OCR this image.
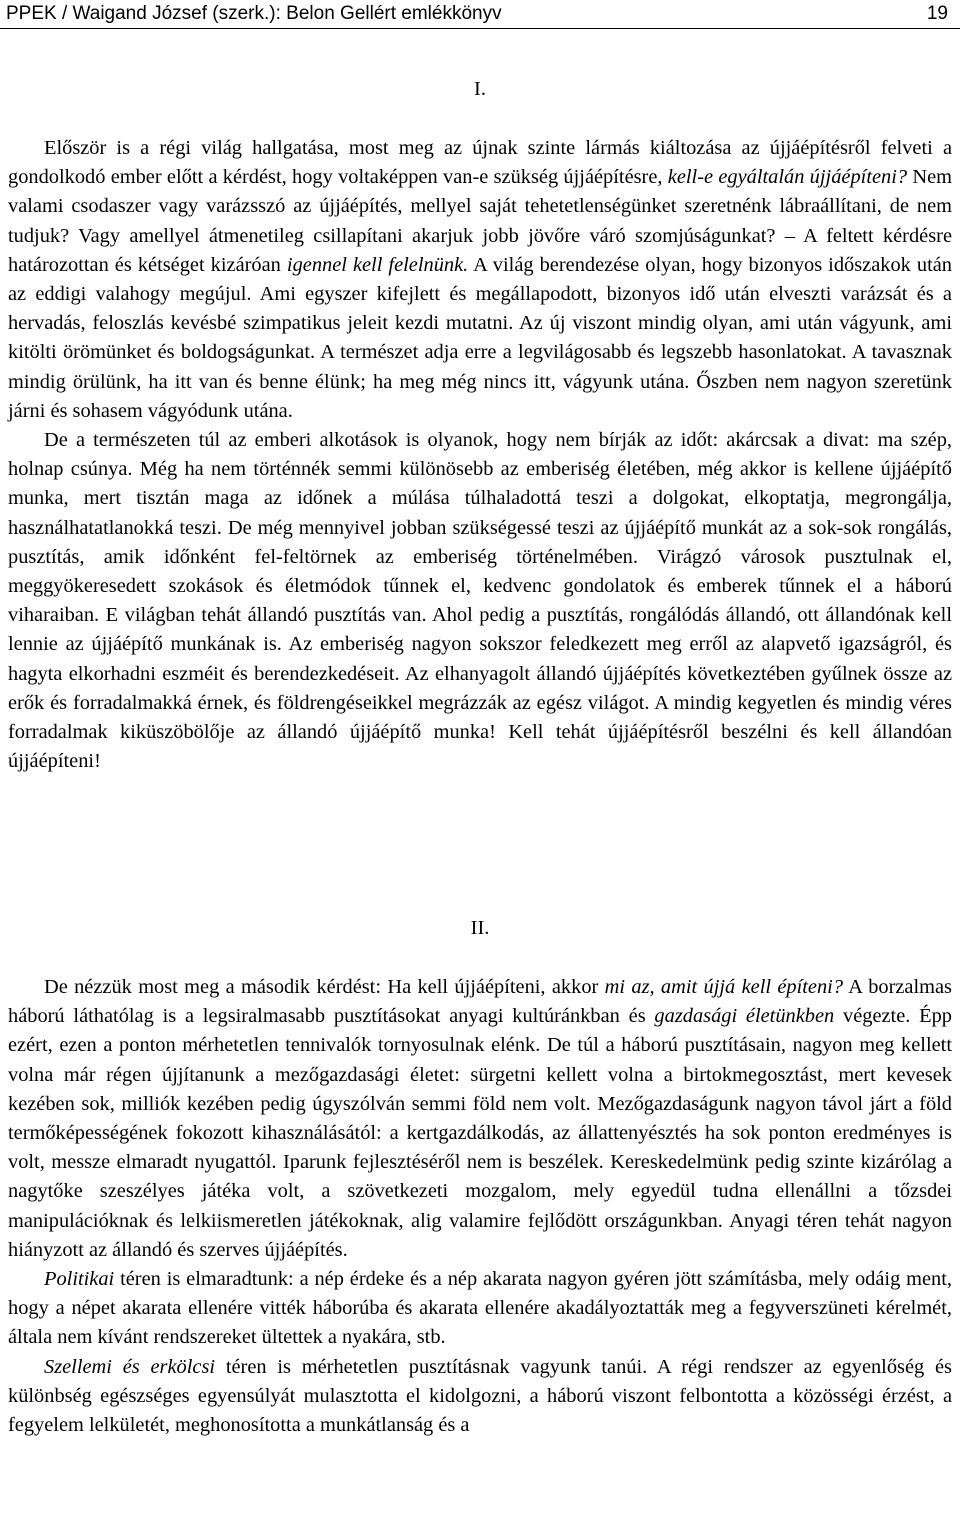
PPEK / Waigand József (szerk.): Belon Gellért emlékkönyv	19
I.
II.

Először is a régi világ hallgatása, most meg az újnak szinte lármás kiáltozása az újjáépítésről felveti a gondolkodó ember előtt a kérdést, hogy voltaképpen van-e szükség újjáépítésre, kell-e egyáltalán újjáépíteni? Nem valami csodaszer vagy varázsszó az újjáépítés, mellyel saját tehetetlenségünket szeretnénk lábraállítani, de nem tudjuk? Vagy amellyel átmenetileg csillapítani akarjuk jobb jövőre váró szomjúságunkat? – A feltett kérdésre határozottan és kétséget kizáróan igennel kell felelnünk. A világ berendezése olyan, hogy bizonyos időszakok után az eddigi valahogy megújul. Ami egyszer kifejlett és megállapodott, bizonyos idő után elveszti varázsát és a hervadás, feloszlás kevésbé szimpatikus jeleit kezdi mutatni. Az új viszont mindig olyan, ami után vágyunk, ami kitölti örömünket és boldogságunkat. A természet adja erre a legvilágosabb és legszebb hasonlatokat. A tavasznak mindig örülünk, ha itt van és benne élünk; ha meg még nincs itt, vágyunk utána. Őszben nem nagyon szeretünk járni és sohasem vágyódunk utána.

De a természeten túl az emberi alkotások is olyanok, hogy nem bírják az időt: akárcsak a divat: ma szép, holnap csúnya. Még ha nem történnék semmi különösebb az emberiség életében, még akkor is kellene újjáépítő munka, mert tisztán maga az időnek a múlása túlhaladottá teszi a dolgokat, elkoptatja, megrongálja, használhatatlanokká teszi. De még mennyivel jobban szükségessé teszi az újjáépítő munkát az a sok-sok rongálás, pusztítás, amik időnként fel-feltörnek az emberiség történelmében. Virágzó városok pusztulnak el, meggyökeresedett szokások és életmódok tűnnek el, kedvenc gondolatok és emberek tűnnek el a háború viharaiban. E világban tehát állandó pusztítás van. Ahol pedig a pusztítás, rongálódás állandó, ott állandónak kell lennie az újjáépítő munkának is. Az emberiség nagyon sokszor feledkezett meg erről az alapvető igazságról, és hagyta elkorhadni eszméit és berendezkedéseit. Az elhanyagolt állandó újjáépítés következtében gyűlnek össze az erők és forradalmakká érnek, és földrengéseikkel megrázzák az egész világot. A mindig kegyetlen és mindig véres forradalmak kiküszöbölője az állandó újjáépítő munka! Kell tehát újjáépítésről beszélni és kell állandóan újjáépíteni!

De nézzük most meg a második kérdést: Ha kell újjáépíteni, akkor mi az, amit újjá kell építeni? A borzalmas háború láthatólag is a legsiralmasabb pusztításokat anyagi kultúránkban és gazdasági életünkben végezte. Épp ezért, ezen a ponton mérhetetlen tennivalók tornyosulnak elénk. De túl a háború pusztításain, nagyon meg kellett volna már régen újjítanunk a mezőgazdasági életet: sürgetni kellett volna a birtokmegosztást, mert kevesek kezében sok, milliók kezében pedig úgyszólván semmi föld nem volt. Mezőgazdaságunk nagyon távol járt a föld termőképességének fokozott kihasználásától: a kertgazdálkodás, az állattenyésztés ha sok ponton eredményes is volt, messze elmaradt nyugattól. Iparunk fejlesztéséről nem is beszélek. Kereskedelmünk pedig szinte kizárólag a nagytőke szeszélyes játéka volt, a szövetkezeti mozgalom, mely egyedül tudna ellenállni a tőzsdei manipulációknak és lelkiismeretlen játékoknak, alig valamire fejlődött országunkban. Anyagi téren tehát nagyon hiányzott az állandó és szerves újjáépítés.

Politikai téren is elmaradtunk: a nép érdeke és a nép akarata nagyon gyéren jött számításba, mely odáig ment, hogy a népet akarata ellenére vitték háborúba és akarata ellenére akadályoztatták meg a fegyverszüneti kérelmét, általa nem kívánt rendszereket ültettek a nyakára, stb.

Szellemi és erkölcsi téren is mérhetetlen pusztításnak vagyunk tanúi. A régi rendszer az egyenlőség és különbség egészséges egyensúlyát mulasztotta el kidolgozni, a háború viszont felbontotta a közösségi érzést, a fegyelem lelkületét, meghonosította a munkátlanság és a
